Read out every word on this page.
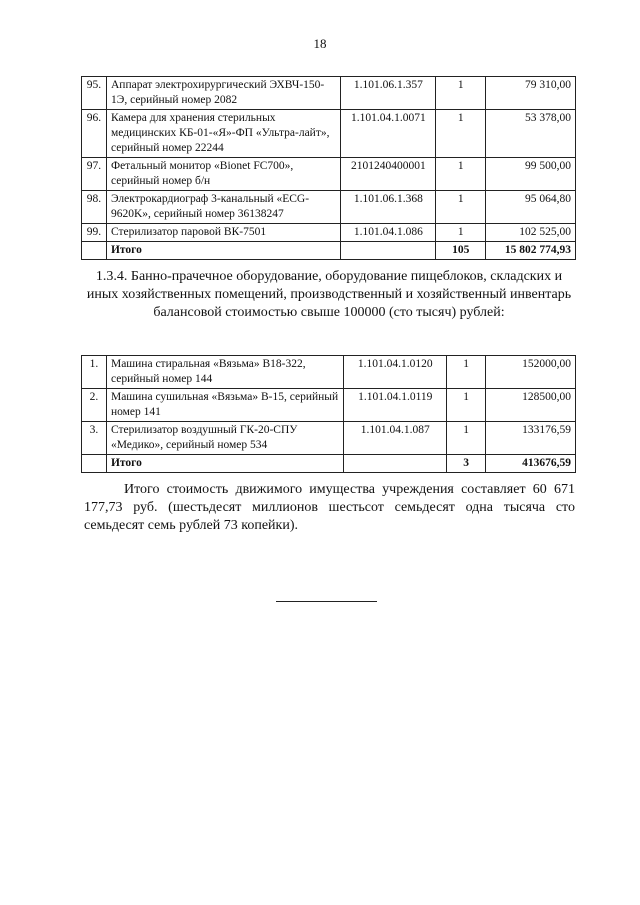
18
95.	Аппарат электрохирургический ЭХВЧ-150-1Э, серийный номер 2082	1.101.06.1.357	1	79 310,00
96.	Камера для хранения стерильных медицинских КБ-01-«Я»-ФП «Ультра-лайт», серийный номер 22244	1.101.04.1.0071	1	53 378,00
97.	Фетальный монитор «Bionet FC700», серийный номер б/н	2101240400001	1	99 500,00
98.	Электрокардиограф 3-канальный «ECG-9620K», серийный номер 36138247	1.101.06.1.368	1	95 064,80
99.	Стерилизатор паровой ВК-7501	1.101.04.1.086	1	102 525,00
	Итого		105	15 802 774,93
1.3.4. Банно-прачечное оборудование, оборудование пищеблоков, складских и иных хозяйственных помещений, производственный и хозяйственный инвентарь балансовой стоимостью свыше 100000 (сто тысяч) рублей:
1.	Машина стиральная «Вязьма» В18-322, серийный номер 144	1.101.04.1.0120	1	152000,00
2.	Машина сушильная «Вязьма» В-15, серийный номер 141	1.101.04.1.0119	1	128500,00
3.	Стерилизатор воздушный ГК-20-СПУ «Медико», серийный номер 534	1.101.04.1.087	1	133176,59
	Итого		3	413676,59
Итого стоимость движимого имущества учреждения составляет 60 671 177,73 руб. (шестьдесят миллионов шестьсот семьдесят одна тысяча сто семьдесят семь рублей 73 копейки).
